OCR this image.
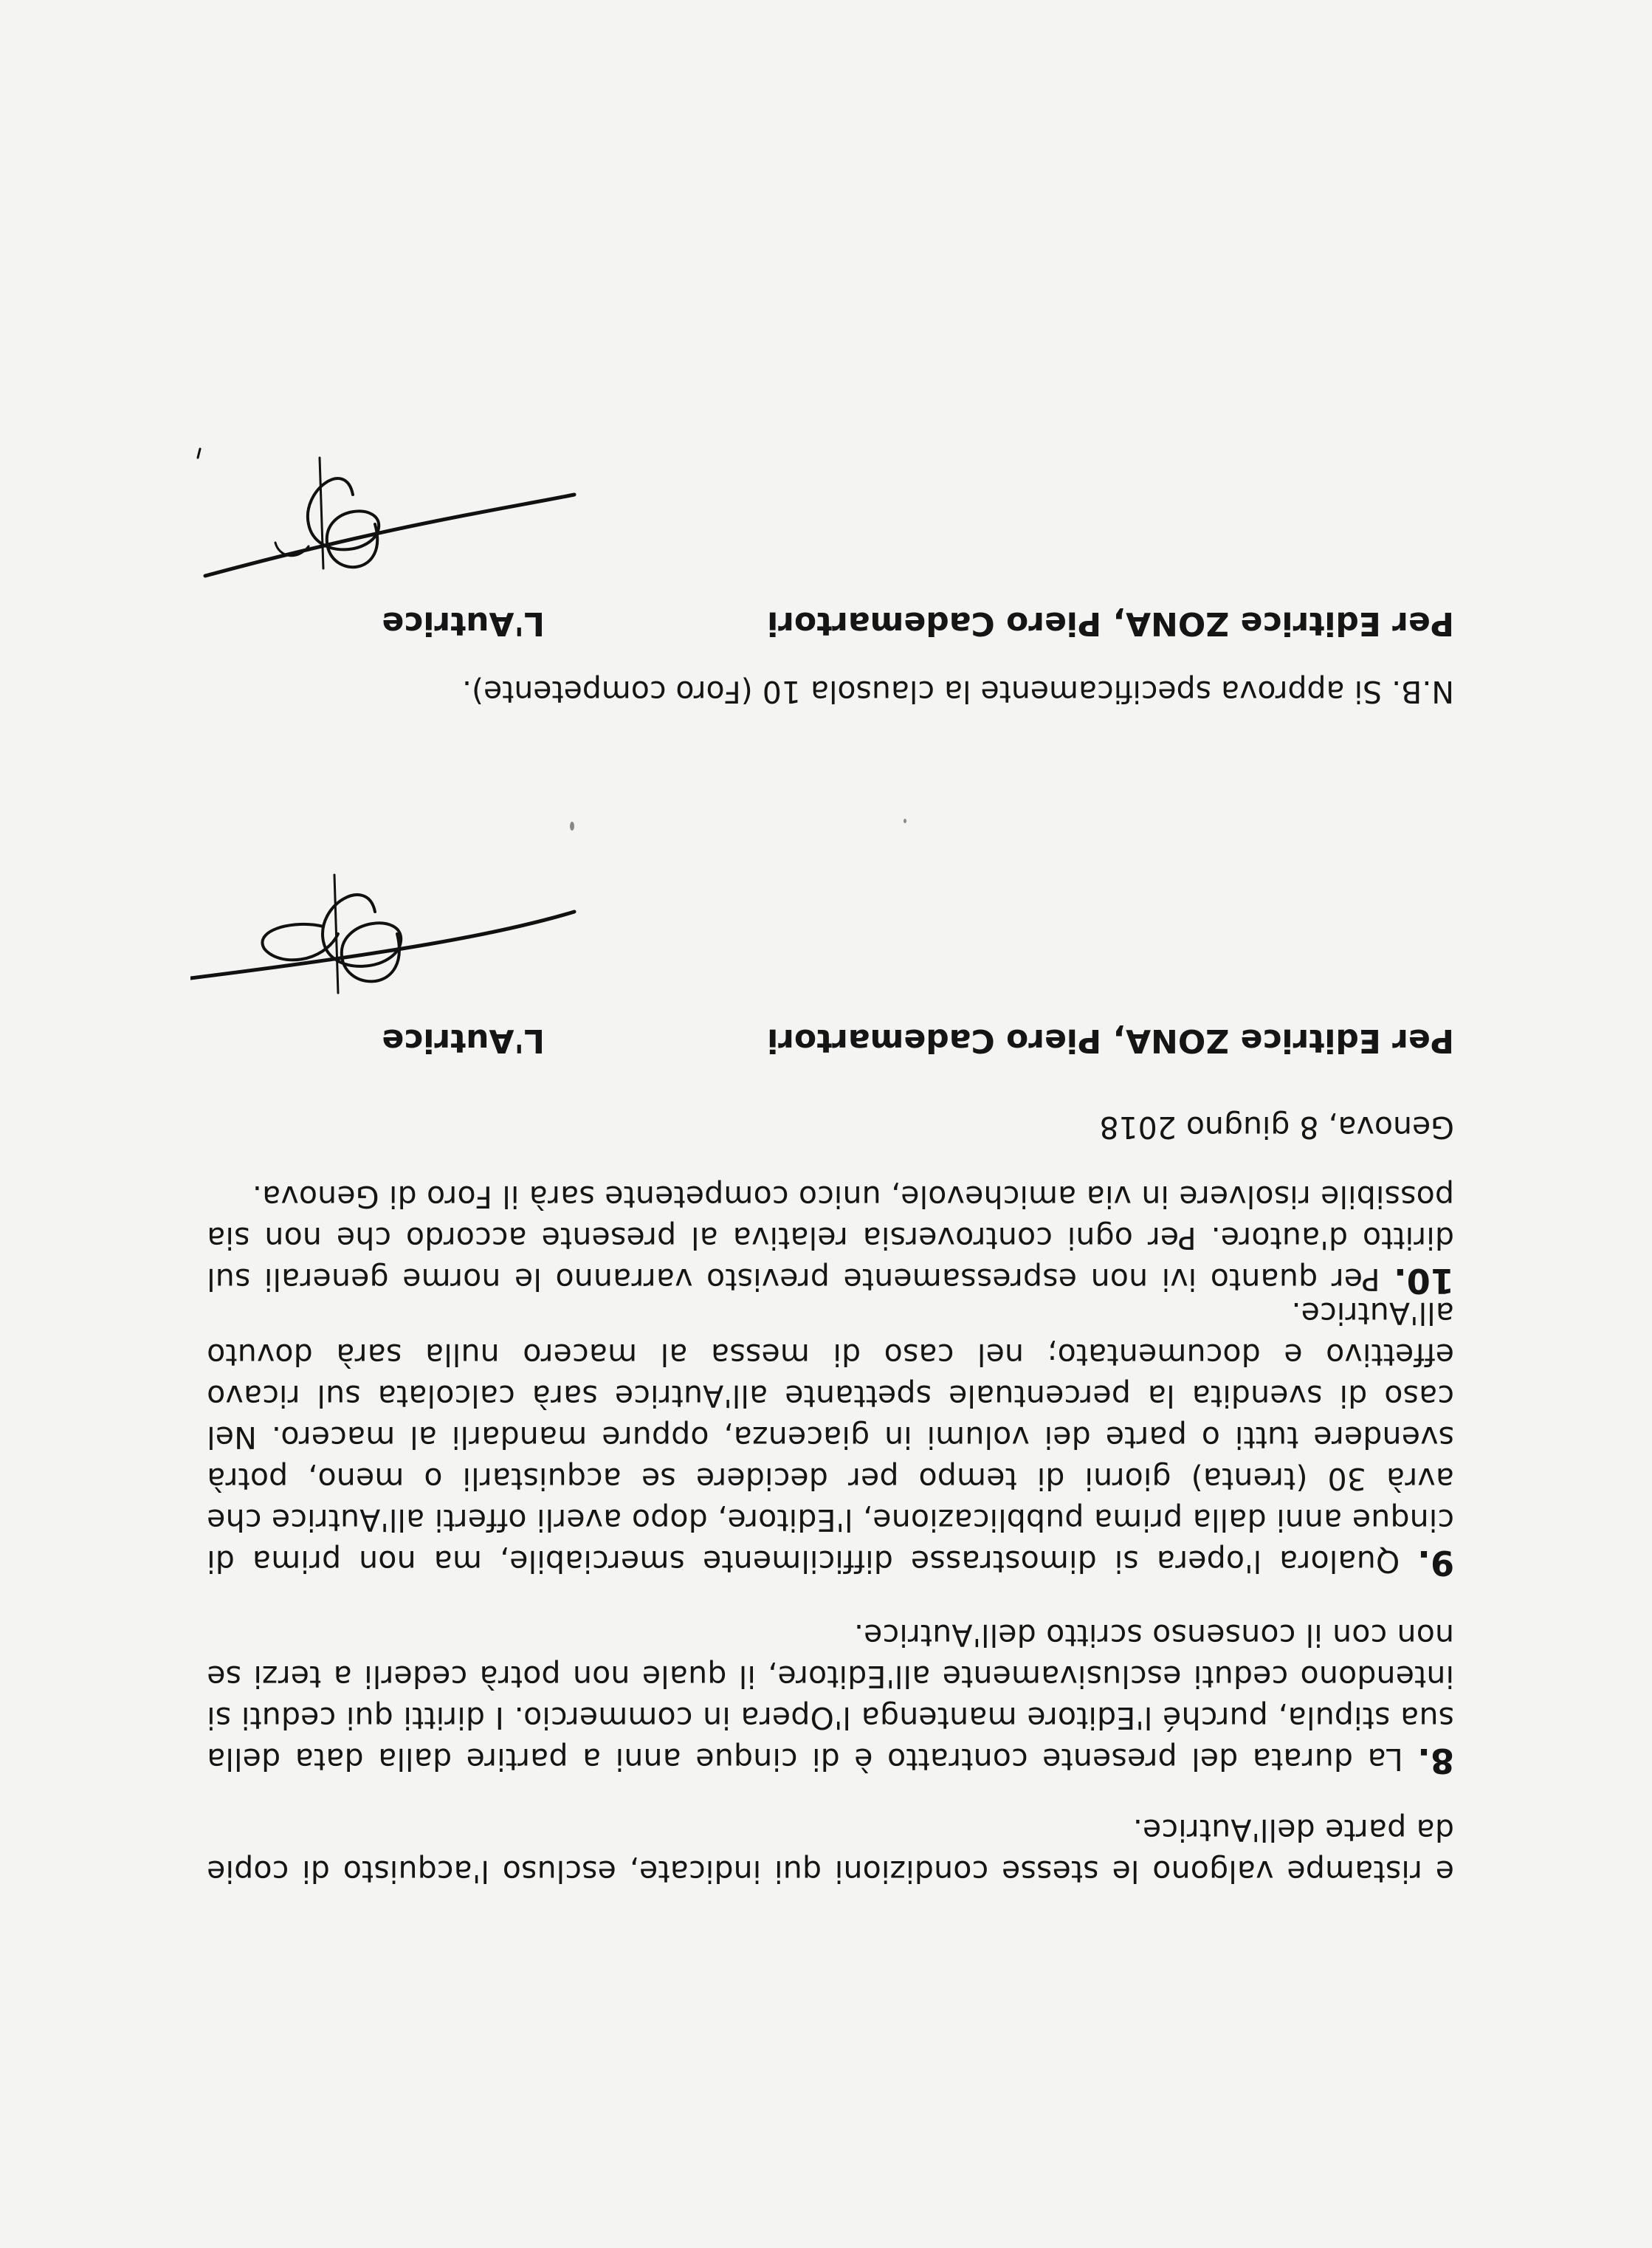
e ristampe valgono le stesse condizioni qui indicate, escluso l'acquisto di copie da parte dell'Autrice.

8. La durata del presente contratto è di cinque anni a partire dalla data della sua stipula, purché l'Editore mantenga l'Opera in commercio. I diritti qui ceduti si intendono ceduti esclusivamente all'Editore, il quale non potrà cederli a terzi se non con il consenso scritto dell'Autrice.

9. Qualora l'opera si dimostrasse difficilmente smerciabile, ma non prima di cinque anni dalla prima pubblicazione, l'Editore, dopo averli offerti all'Autrice che avrà 30 (trenta) giorni di tempo per decidere se acquistarli o meno, potrà svendere tutti o parte dei volumi in giacenza, oppure mandarli al macero. Nel caso di svendita la percentuale spettante all'Autrice sarà calcolata sul ricavo effettivo e documentato; nel caso di messa al macero nulla sarà dovuto all'Autrice.

10. Per quanto ivi non espressamente previsto varranno le norme generali sul diritto d'autore. Per ogni controversia relativa al presente accordo che non sia possibile risolvere in via amichevole, unico competente sarà il Foro di Genova.

Genova, 8 giugno 2018

Per Editrice ZONA, Piero Cademartori

L'Autrice

N.B. Si approva specificamente la clausola 10 (Foro competente).

Per Editrice ZONA, Piero Cademartori

L'Autrice
